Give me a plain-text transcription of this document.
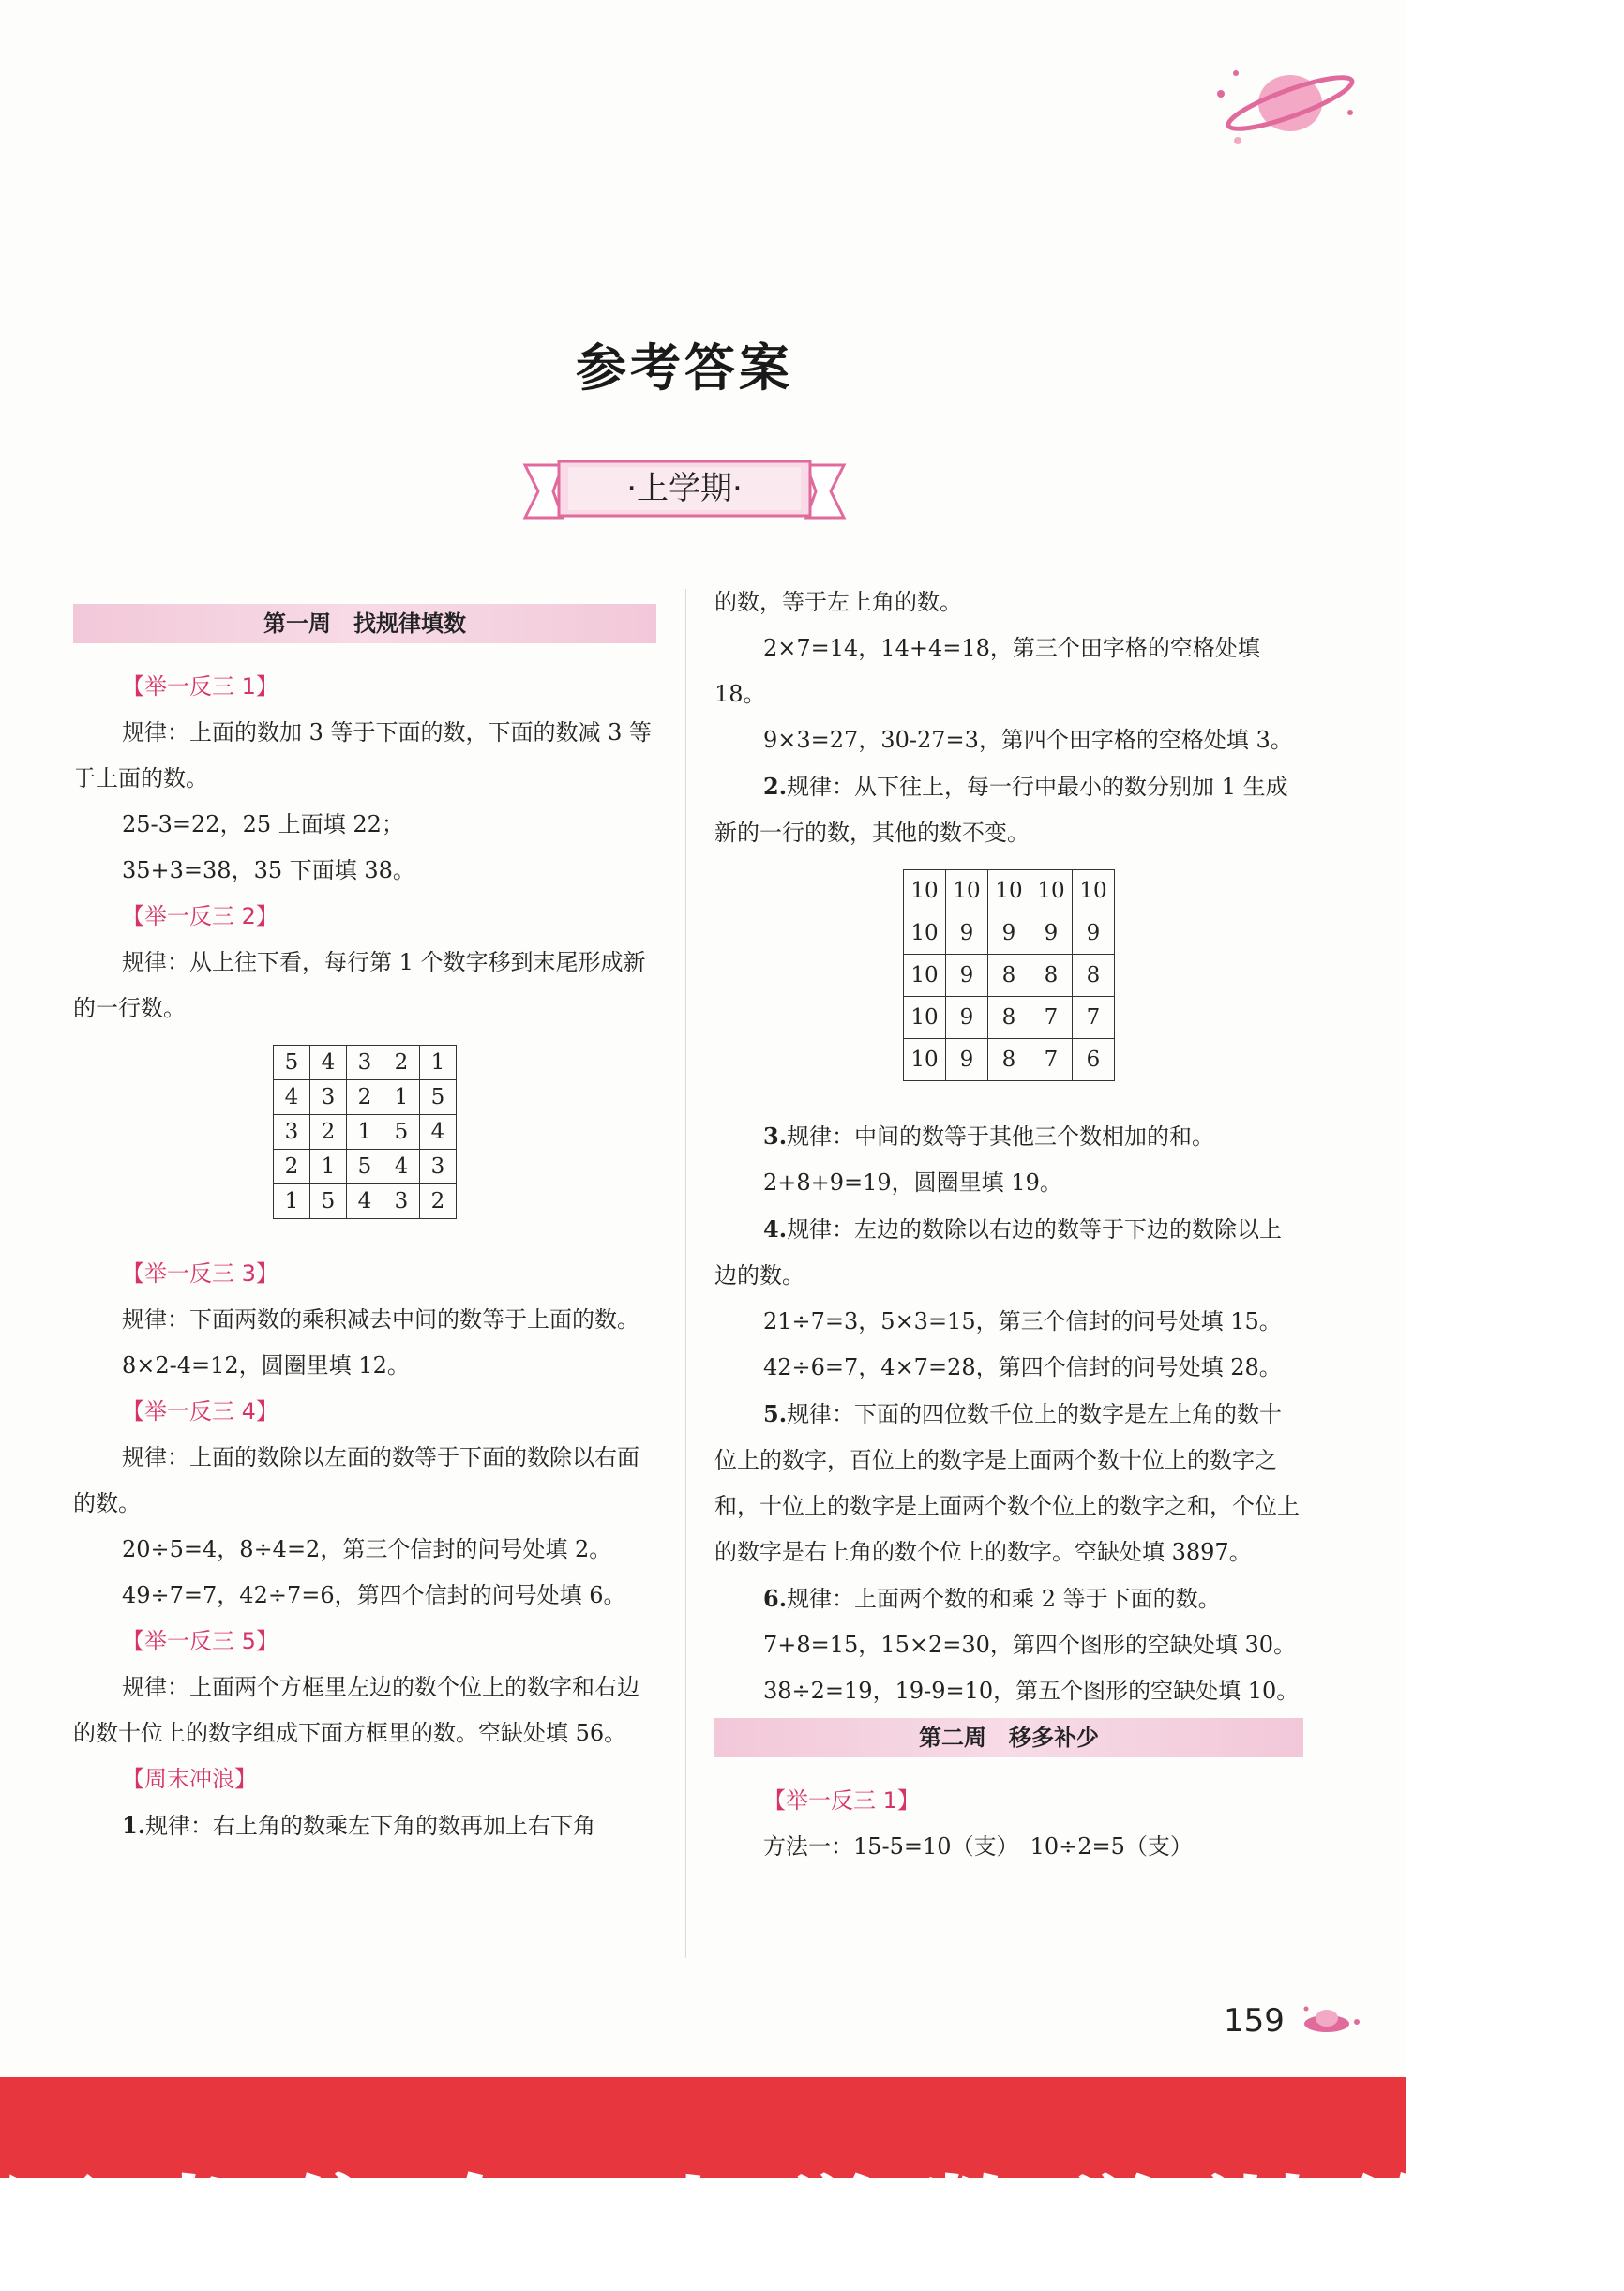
参考答案
·上学期·
第一周　找规律填数
【举一反三 1】

规律：上面的数加 3 等于下面的数，下面的数减 3 等于上面的数。

25-3=22，25 上面填 22；

35+3=38，35 下面填 38。

【举一反三 2】

规律：从上往下看，每行第 1 个数字移到末尾形成新的一行数。

5	4	3	2	1
4	3	2	1	5
3	2	1	5	4
2	1	5	4	3
1	5	4	3	2
【举一反三 3】

规律：下面两数的乘积减去中间的数等于上面的数。

8×2-4=12，圆圈里填 12。

【举一反三 4】

规律：上面的数除以左面的数等于下面的数除以右面的数。

20÷5=4，8÷4=2，第三个信封的问号处填 2。

49÷7=7，42÷7=6，第四个信封的问号处填 6。

【举一反三 5】

规律：上面两个方框里左边的数个位上的数字和右边的数十位上的数字组成下面方框里的数。空缺处填 56。

【周末冲浪】

1.规律：右上角的数乘左下角的数再加上右下角

的数，等于左上角的数。

2×7=14，14+4=18，第三个田字格的空格处填 18。

9×3=27，30-27=3，第四个田字格的空格处填 3。

2.规律：从下往上，每一行中最小的数分别加 1 生成新的一行的数，其他的数不变。

10	10	10	10	10
10	9	9	9	9
10	9	8	8	8
10	9	8	7	7
10	9	8	7	6

3.规律：中间的数等于其他三个数相加的和。

2+8+9=19，圆圈里填 19。

4.规律：左边的数除以右边的数等于下边的数除以上边的数。

21÷7=3，5×3=15，第三个信封的问号处填 15。

42÷6=7，4×7=28，第四个信封的问号处填 28。

5.规律：下面的四位数千位上的数字是左上角的数十位上的数字，百位上的数字是上面两个数十位上的数字之和，十位上的数字是上面两个数个位上的数字之和，个位上的数字是右上角的数个位上的数字。空缺处填 3897。

6.规律：上面两个数的和乘 2 等于下面的数。

7+8=15，15×2=30，第四个图形的空缺处填 30。

38÷2=19，19-9=10，第五个图形的空缺处填 10。

第二周　移多补少
【举一反三 1】

方法一：15-5=10（支）　10÷2=5（支）

159
图书信息·小学数学训练营
